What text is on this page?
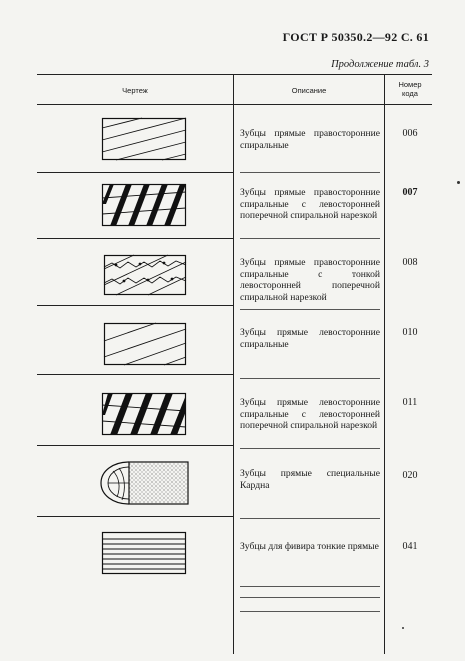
ГОСТ Р 50350.2—92 С. 61
Продолжение табл. 3
Чертеж	Описание
Номер кода
Зубцы прямые правосторонние спиральные
006
Зубцы прямые правосторонние спиральные с левосторонней поперечной спиральной нарезкой
007
Зубцы прямые правосторонние спиральные с тонкой левосторонней поперечной спиральной нарезкой
008
Зубцы прямые левосторонние спиральные
010
Зубцы прямые левосторонние спиральные с левосторонней поперечной спиральной нарезкой
011
Зубцы прямые специальные Кардна
020
Зубцы для фивира тонкие прямые	041
